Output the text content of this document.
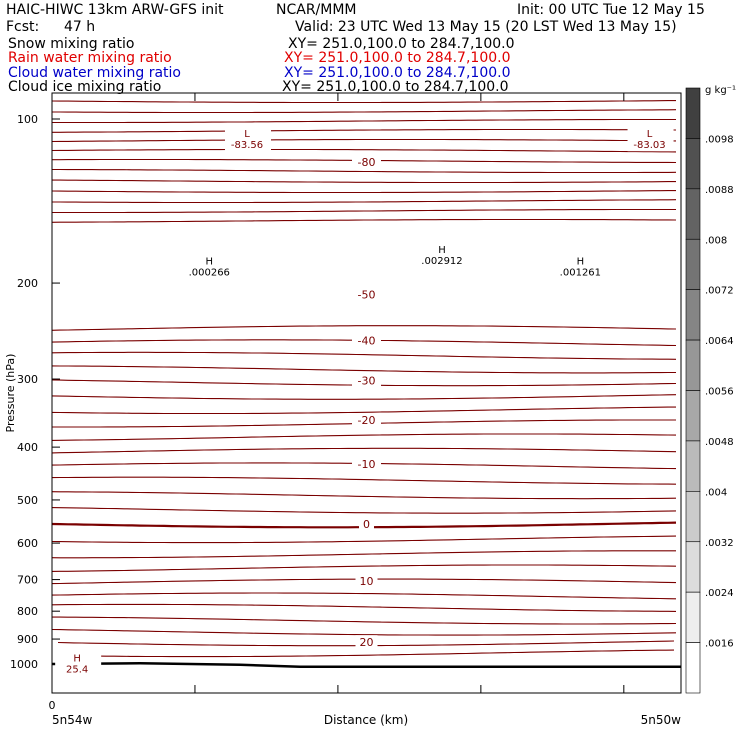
HAIC-HIWC 13km ARW-GFS init	NCAR/MMM	Init: 00 UTC Tue 12 May 15
Fcst: 47 h	Valid: 23 UTC Wed 13 May 15 (20 LST Wed 13 May 15)
Snow mixing ratio	XY= 251.0,100.0 to 284.7,100.0
Rain water mixing ratio	XY= 251.0,100.0 to 284.7,100.0
Cloud water mixing ratio	XY= 251.0,100.0 to 284.7,100.0
Cloud ice mixing ratio	XY= 251.0,100.0 to 284.7,100.0
100
200
300
400
500
600
700
800
900
1000
-80
-50
-40
-30
-20
-10
0
10
20
L
-83.56
L
-83.03
H
.000266
H
.002912	H
.001261
H
25.4
.0098
.0088
.008
.0072
.0064
.0056
.0048
.004
.0032
.0024
.0016
g kg⁻¹
Pressure (hPa)
Distance (km)
0
5n54w	5n50w
